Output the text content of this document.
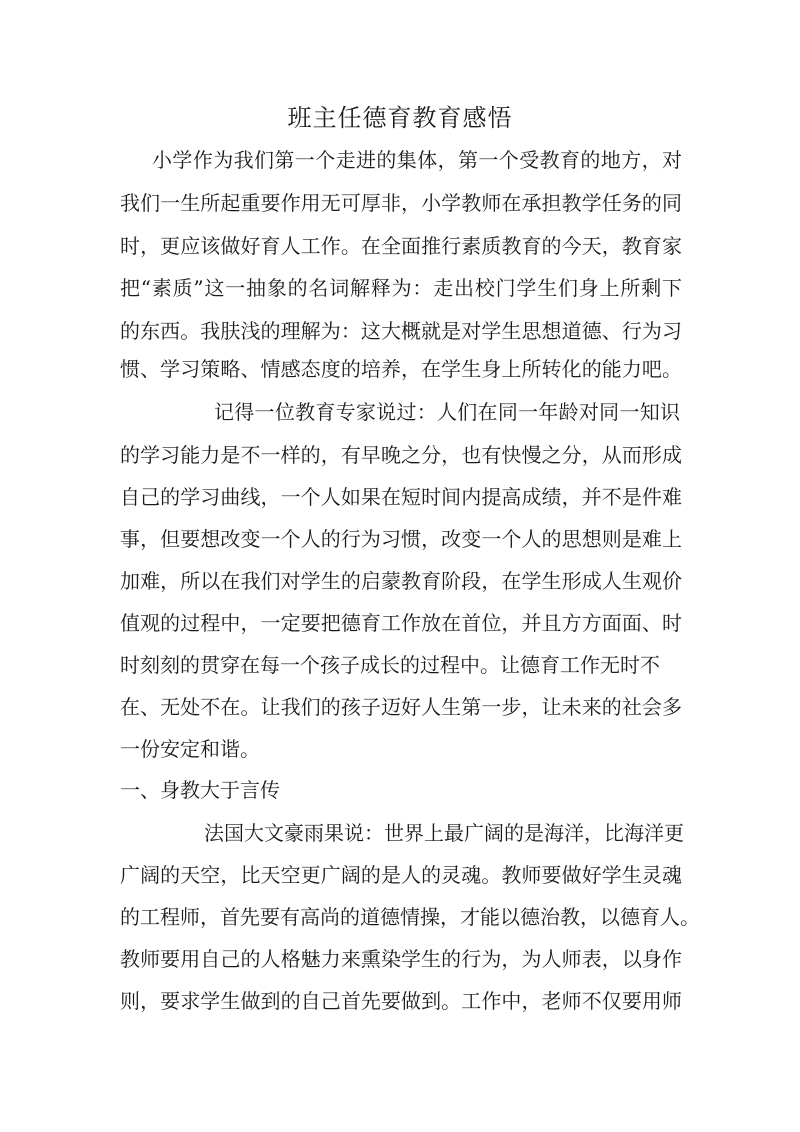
班主任德育教育感悟
小学作为我们第一个走进的集体，第一个受教育的地方，对
我们一生所起重要作用无可厚非，小学教师在承担教学任务的同
时，更应该做好育人工作。在全面推行素质教育的今天，教育家
把“素质”这一抽象的名词解释为：走出校门学生们身上所剩下
的东西。我肤浅的理解为：这大概就是对学生思想道德、行为习
惯、学习策略、情感态度的培养，在学生身上所转化的能力吧。
记得一位教育专家说过：人们在同一年龄对同一知识
的学习能力是不一样的，有早晚之分，也有快慢之分，从而形成
自己的学习曲线，一个人如果在短时间内提高成绩，并不是件难
事，但要想改变一个人的行为习惯，改变一个人的思想则是难上
加难，所以在我们对学生的启蒙教育阶段，在学生形成人生观价
值观的过程中，一定要把德育工作放在首位，并且方方面面、时
时刻刻的贯穿在每一个孩子成长的过程中。让德育工作无时不
在、无处不在。让我们的孩子迈好人生第一步，让未来的社会多
一份安定和谐。
一、身教大于言传
法国大文豪雨果说：世界上最广阔的是海洋，比海洋更
广阔的天空，比天空更广阔的是人的灵魂。教师要做好学生灵魂
的工程师，首先要有高尚的道德情操，才能以德治教，以德育人。
教师要用自己的人格魅力来熏染学生的行为，为人师表，以身作
则，要求学生做到的自己首先要做到。工作中，老师不仅要用师
